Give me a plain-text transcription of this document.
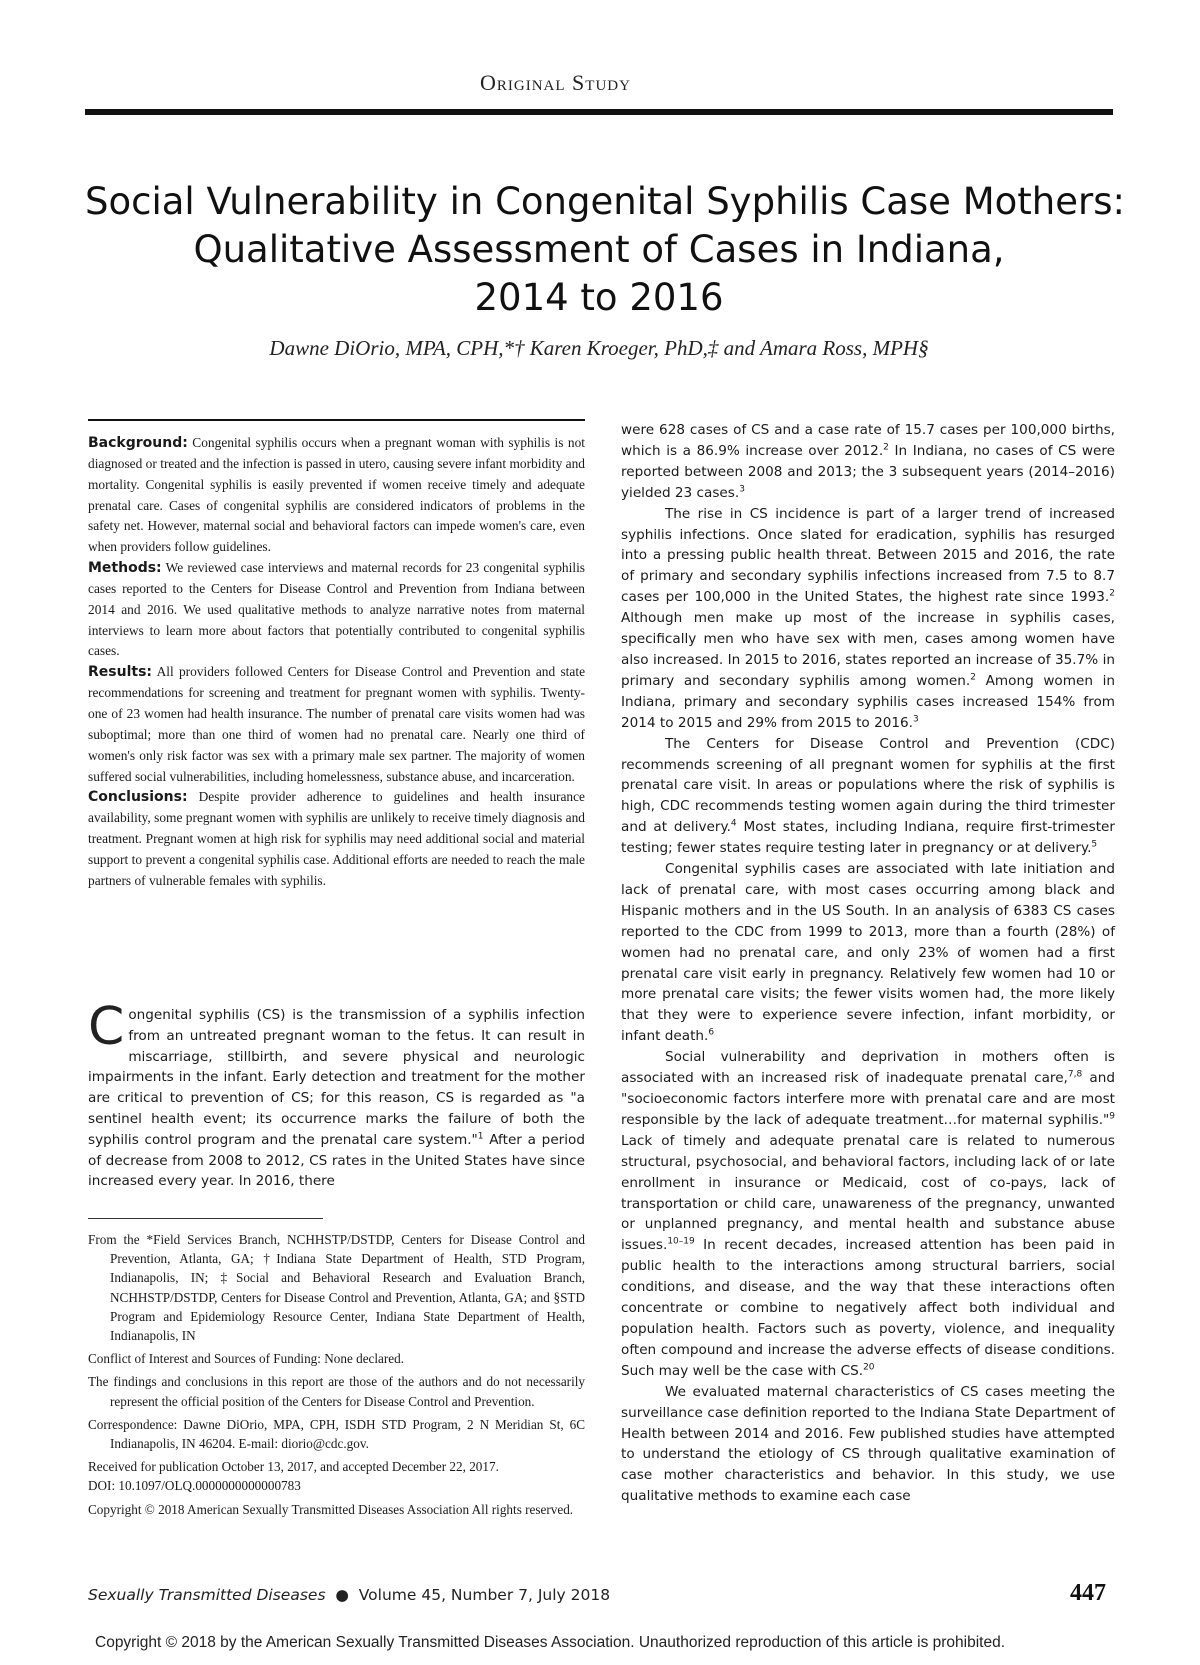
Original Study
Social Vulnerability in Congenital Syphilis Case Mothers:
Qualitative Assessment of Cases in Indiana,
2014 to 2016
Dawne DiOrio, MPA, CPH,*† Karen Kroeger, PhD,‡ and Amara Ross, MPH§

Background: Congenital syphilis occurs when a pregnant woman with syphilis is not diagnosed or treated and the infection is passed in utero, causing severe infant morbidity and mortality. Congenital syphilis is easily prevented if women receive timely and adequate prenatal care. Cases of congenital syphilis are considered indicators of problems in the safety net. However, maternal social and behavioral factors can impede women's care, even when providers follow guidelines.

Methods: We reviewed case interviews and maternal records for 23 congenital syphilis cases reported to the Centers for Disease Control and Prevention from Indiana between 2014 and 2016. We used qualitative methods to analyze narrative notes from maternal interviews to learn more about factors that potentially contributed to congenital syphilis cases.

Results: All providers followed Centers for Disease Control and Prevention and state recommendations for screening and treatment for pregnant women with syphilis. Twenty-one of 23 women had health insurance. The number of prenatal care visits women had was suboptimal; more than one third of women had no prenatal care. Nearly one third of women's only risk factor was sex with a primary male sex partner. The majority of women suffered social vulnerabilities, including homelessness, substance abuse, and incarceration.

Conclusions: Despite provider adherence to guidelines and health insurance availability, some pregnant women with syphilis are unlikely to receive timely diagnosis and treatment. Pregnant women at high risk for syphilis may need additional social and material support to prevent a congenital syphilis case. Additional efforts are needed to reach the male partners of vulnerable females with syphilis.

Congenital syphilis (CS) is the transmission of a syphilis infection from an untreated pregnant woman to the fetus. It can result in miscarriage, stillbirth, and severe physical and neurologic impairments in the infant. Early detection and treatment for the mother are critical to prevention of CS; for this reason, CS is regarded as "a sentinel health event; its occurrence marks the failure of both the syphilis control program and the prenatal care system."$^1$ After a period of decrease from 2008 to 2012, CS rates in the United States have since increased every year. In 2016, there

From the *Field Services Branch, NCHHSTP/DSTDP, Centers for Disease Control and Prevention, Atlanta, GA; †Indiana State Department of Health, STD Program, Indianapolis, IN; ‡Social and Behavioral Research and Evaluation Branch, NCHHSTP/DSTDP, Centers for Disease Control and Prevention, Atlanta, GA; and §STD Program and Epidemiology Resource Center, Indiana State Department of Health, Indianapolis, IN

Conflict of Interest and Sources of Funding: None declared.

The findings and conclusions in this report are those of the authors and do not necessarily represent the official position of the Centers for Disease Control and Prevention.

Correspondence: Dawne DiOrio, MPA, CPH, ISDH STD Program, 2 N Meridian St, 6C Indianapolis, IN 46204. E-mail: diorio@cdc.gov.

Received for publication October 13, 2017, and accepted December 22, 2017.

DOI: 10.1097/OLQ.0000000000000783

Copyright © 2018 American Sexually Transmitted Diseases Association All rights reserved.

were 628 cases of CS and a case rate of 15.7 cases per 100,000 births, which is a 86.9% increase over 2012.$^2$ In Indiana, no cases of CS were reported between 2008 and 2013; the 3 subsequent years (2014–2016) yielded 23 cases.$^3$

The rise in CS incidence is part of a larger trend of increased syphilis infections. Once slated for eradication, syphilis has resurged into a pressing public health threat. Between 2015 and 2016, the rate of primary and secondary syphilis infections increased from 7.5 to 8.7 cases per 100,000 in the United States, the highest rate since 1993.$^2$ Although men make up most of the increase in syphilis cases, specifically men who have sex with men, cases among women have also increased. In 2015 to 2016, states reported an increase of 35.7% in primary and secondary syphilis among women.$^2$ Among women in Indiana, primary and secondary syphilis cases increased 154% from 2014 to 2015 and 29% from 2015 to 2016.$^3$

The Centers for Disease Control and Prevention (CDC) recommends screening of all pregnant women for syphilis at the first prenatal care visit. In areas or populations where the risk of syphilis is high, CDC recommends testing women again during the third trimester and at delivery.$^4$ Most states, including Indiana, require first-trimester testing; fewer states require testing later in pregnancy or at delivery.$^5$

Congenital syphilis cases are associated with late initiation and lack of prenatal care, with most cases occurring among black and Hispanic mothers and in the US South. In an analysis of 6383 CS cases reported to the CDC from 1999 to 2013, more than a fourth (28%) of women had no prenatal care, and only 23% of women had a first prenatal care visit early in pregnancy. Relatively few women had 10 or more prenatal care visits; the fewer visits women had, the more likely that they were to experience severe infection, infant morbidity, or infant death.$^6$

Social vulnerability and deprivation in mothers often is associated with an increased risk of inadequate prenatal care,$^{7,8}$ and "socioeconomic factors interfere more with prenatal care and are most responsible by the lack of adequate treatment…for maternal syphilis."$^9$ Lack of timely and adequate prenatal care is related to numerous structural, psychosocial, and behavioral factors, including lack of or late enrollment in insurance or Medicaid, cost of co-pays, lack of transportation or child care, unawareness of the pregnancy, unwanted or unplanned pregnancy, and mental health and substance abuse issues.$^{10-19}$ In recent decades, increased attention has been paid in public health to the interactions among structural barriers, social conditions, and disease, and the way that these interactions often concentrate or combine to negatively affect both individual and population health. Factors such as poverty, violence, and inequality often compound and increase the adverse effects of disease conditions. Such may well be the case with CS.$^{20}$

We evaluated maternal characteristics of CS cases meeting the surveillance case definition reported to the Indiana State Department of Health between 2014 and 2016. Few published studies have attempted to understand the etiology of CS through qualitative examination of case mother characteristics and behavior. In this study, we use qualitative methods to examine each case

Sexually Transmitted Diseases ● Volume 45, Number 7, July 2018	447
Copyright © 2018 by the American Sexually Transmitted Diseases Association. Unauthorized reproduction of this article is prohibited.
